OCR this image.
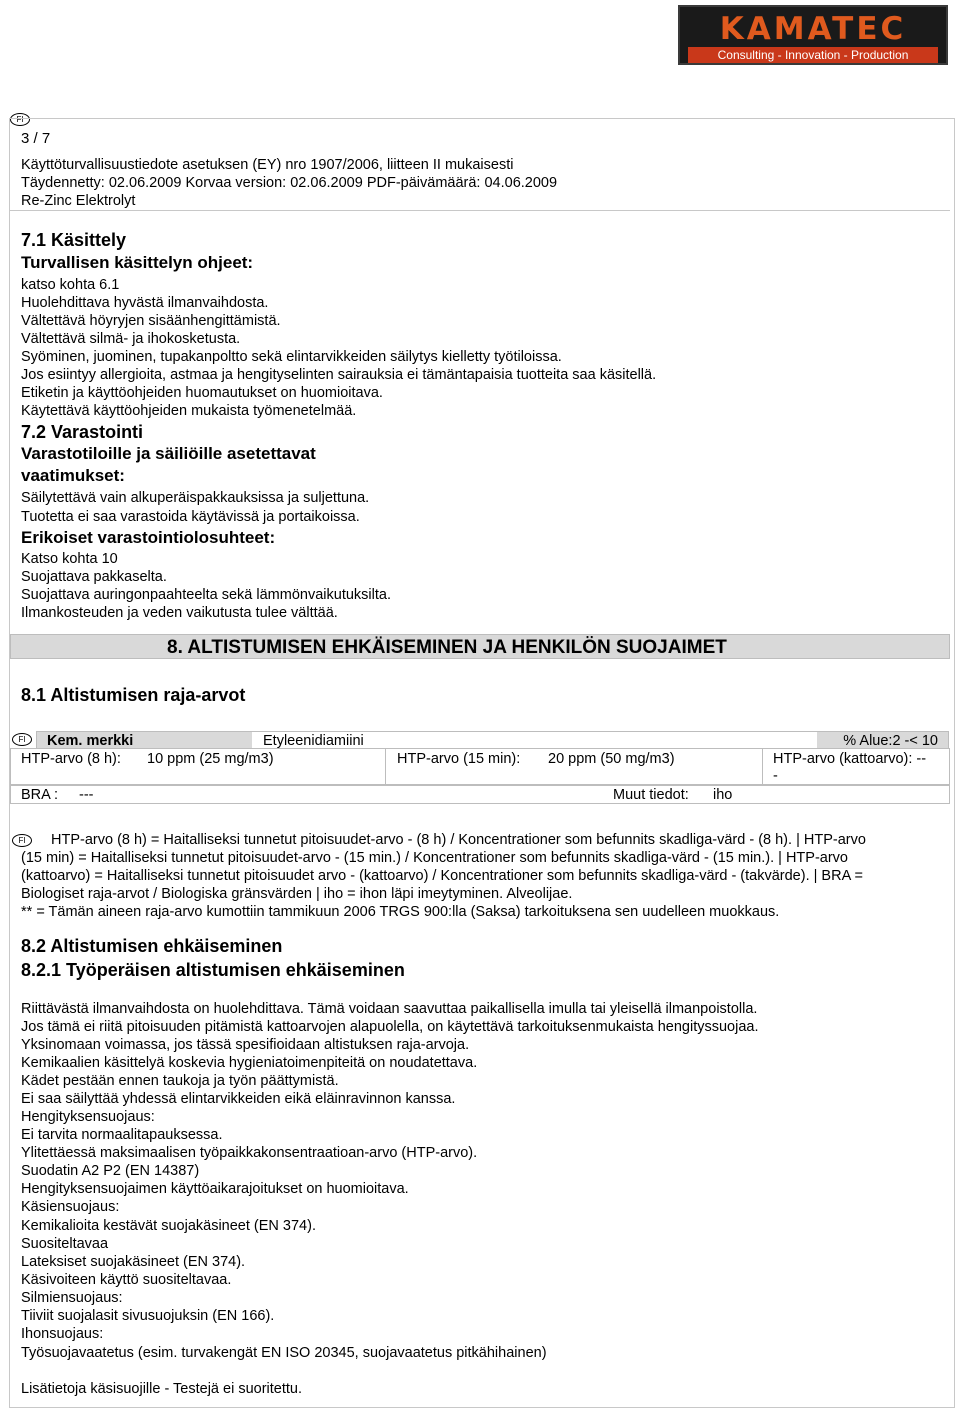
KAMATEC
Consulting - Innovation - Production
FI
3 / 7
Käyttöturvallisuustiedote asetuksen (EY) nro 1907/2006, liitteen II mukaisesti
Täydennetty: 02.06.2009 Korvaa version: 02.06.2009 PDF-päivämäärä: 04.06.2009
Re-Zinc Elektrolyt
7.1 Käsittely
Turvallisen käsittelyn ohjeet:
katso kohta 6.1
Huolehdittava hyvästä ilmanvaihdosta.
Vältettävä höyryjen sisäänhengittämistä.
Vältettävä silmä- ja ihokosketusta.
Syöminen, juominen, tupakanpoltto sekä elintarvikkeiden säilytys kielletty työtiloissa.
Jos esiintyy allergioita, astmaa ja hengityselinten sairauksia ei tämäntapaisia tuotteita saa käsitellä.
Etiketin ja käyttöohjeiden huomautukset on huomioitava.
Käytettävä käyttöohjeiden mukaista työmenetelmää.
7.2 Varastointi
Varastotiloille ja säiliöille asetettavat
vaatimukset:
Säilytettävä vain alkuperäispakkauksissa ja suljettuna.
Tuotetta ei saa varastoida käytävissä ja portaikoissa.
Erikoiset varastointiolosuhteet:
Katso kohta 10
Suojattava pakkaselta.
Suojattava auringonpaahteelta sekä lämmönvaikutuksilta.
Ilmankosteuden ja veden vaikutusta tulee välttää.
8. ALTISTUMISEN EHKÄISEMINEN JA HENKILÖN SUOJAIMET
8.1 Altistumisen raja-arvot
FI	Kem. merkki	Etyleenidiamiini	% Alue:2 -< 10
HTP-arvo (8 h): 10 ppm (25 mg/m3)	HTP-arvo (15 min): 20 ppm (50 mg/m3)	HTP-arvo (kattoarvo): --
-
BRA : ---	Muut tiedot: iho
FI	HTP-arvo (8 h) = Haitalliseksi tunnetut pitoisuudet-arvo - (8 h) / Koncentrationer som befunnits skadliga-värd - (8 h). | HTP-arvo
(15 min) = Haitalliseksi tunnetut pitoisuudet-arvo - (15 min.) / Koncentrationer som befunnits skadliga-värd - (15 min.). | HTP-arvo
(kattoarvo) = Haitalliseksi tunnetut pitoisuudet arvo - (kattoarvo) / Koncentrationer som befunnits skadliga-värd - (takvärde). | BRA =
Biologiset raja-arvot / Biologiska gränsvärden | iho = ihon läpi imeytyminen. Alveolijae.
** = Tämän aineen raja-arvo kumottiin tammikuun 2006 TRGS 900:lla (Saksa) tarkoituksena sen uudelleen muokkaus.
8.2 Altistumisen ehkäiseminen
8.2.1 Työperäisen altistumisen ehkäiseminen
Riittävästä ilmanvaihdosta on huolehdittava. Tämä voidaan saavuttaa paikallisella imulla tai yleisellä ilmanpoistolla.
Jos tämä ei riitä pitoisuuden pitämistä kattoarvojen alapuolella, on käytettävä tarkoituksenmukaista hengityssuojaa.
Yksinomaan voimassa, jos tässä spesifioidaan altistuksen raja-arvoja.
Kemikaalien käsittelyä koskevia hygieniatoimenpiteitä on noudatettava.
Kädet pestään ennen taukoja ja työn päättymistä.
Ei saa säilyttää yhdessä elintarvikkeiden eikä eläinravinnon kanssa.
Hengityksensuojaus:
Ei tarvita normaalitapauksessa.
Ylitettäessä maksimaalisen työpaikkakonsentraatioan-arvo (HTP-arvo).
Suodatin A2 P2 (EN 14387)
Hengityksensuojaimen käyttöaikarajoitukset on huomioitava.
Käsiensuojaus:
Kemikalioita kestävät suojakäsineet (EN 374).
Suositeltavaa
Lateksiset suojakäsineet (EN 374).
Käsivoiteen käyttö suositeltavaa.
Silmiensuojaus:
Tiiviit suojalasit sivusuojuksin (EN 166).
Ihonsuojaus:
Työsuojavaatetus (esim. turvakengät EN ISO 20345, suojavaatetus pitkähihainen)
Lisätietoja käsisuojille - Testejä ei suoritettu.
